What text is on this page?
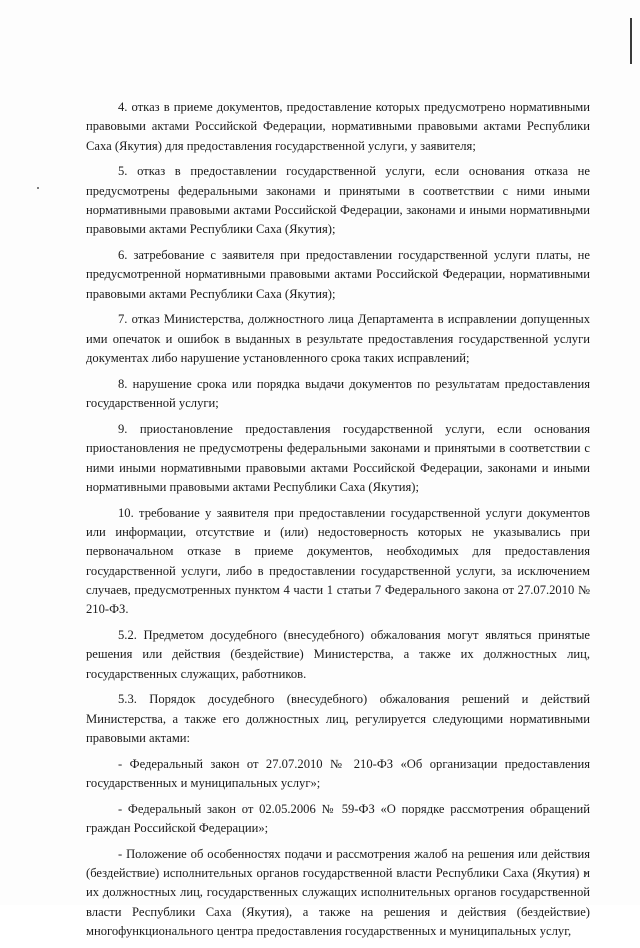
4. отказ в приеме документов, предоставление которых предусмотрено нормативными правовыми актами Российской Федерации, нормативными правовыми актами Республики Саха (Якутия) для предоставления государственной услуги, у заявителя;

5. отказ в предоставлении государственной услуги, если основания отказа не предусмотрены федеральными законами и принятыми в соответствии с ними иными нормативными правовыми актами Российской Федерации, законами и иными нормативными правовыми актами Республики Саха (Якутия);

6. затребование с заявителя при предоставлении государственной услуги платы, не предусмотренной нормативными правовыми актами Российской Федерации, нормативными правовыми актами Республики Саха (Якутия);

7. отказ Министерства, должностного лица Департамента в исправлении допущенных ими опечаток и ошибок в выданных в результате предоставления государственной услуги документах либо нарушение установленного срока таких исправлений;

8. нарушение срока или порядка выдачи документов по результатам предоставления государственной услуги;

9. приостановление предоставления государственной услуги, если основания приостановления не предусмотрены федеральными законами и принятыми в соответствии с ними иными нормативными правовыми актами Российской Федерации, законами и иными нормативными правовыми актами Республики Саха (Якутия);

10. требование у заявителя при предоставлении государственной услуги документов или информации, отсутствие и (или) недостоверность которых не указывались при первоначальном отказе в приеме документов, необходимых для предоставления государственной услуги, либо в предоставлении государственной услуги, за исключением случаев, предусмотренных пунктом 4 части 1 статьи 7 Федерального закона от 27.07.2010 № 210-ФЗ.

5.2. Предметом досудебного (внесудебного) обжалования могут являться принятые решения или действия (бездействие) Министерства, а также их должностных лиц, государственных служащих, работников.

5.3. Порядок досудебного (внесудебного) обжалования решений и действий Министерства, а также его должностных лиц, регулируется следующими нормативными правовыми актами:

- Федеральный закон от 27.07.2010 № 210-ФЗ «Об организации предоставления государственных и муниципальных услуг»;

- Федеральный закон от 02.05.2006 № 59-ФЗ «О порядке рассмотрения обращений граждан Российской Федерации»;

- Положение об особенностях подачи и рассмотрения жалоб на решения или действия (бездействие) исполнительных органов государственной власти Республики Саха (Якутия) и их должностных лиц, государственных служащих исполнительных органов государственной власти Республики Саха (Якутия), а также на решения и действия (бездействие) многофункционального центра предоставления государственных и муниципальных услуг,
